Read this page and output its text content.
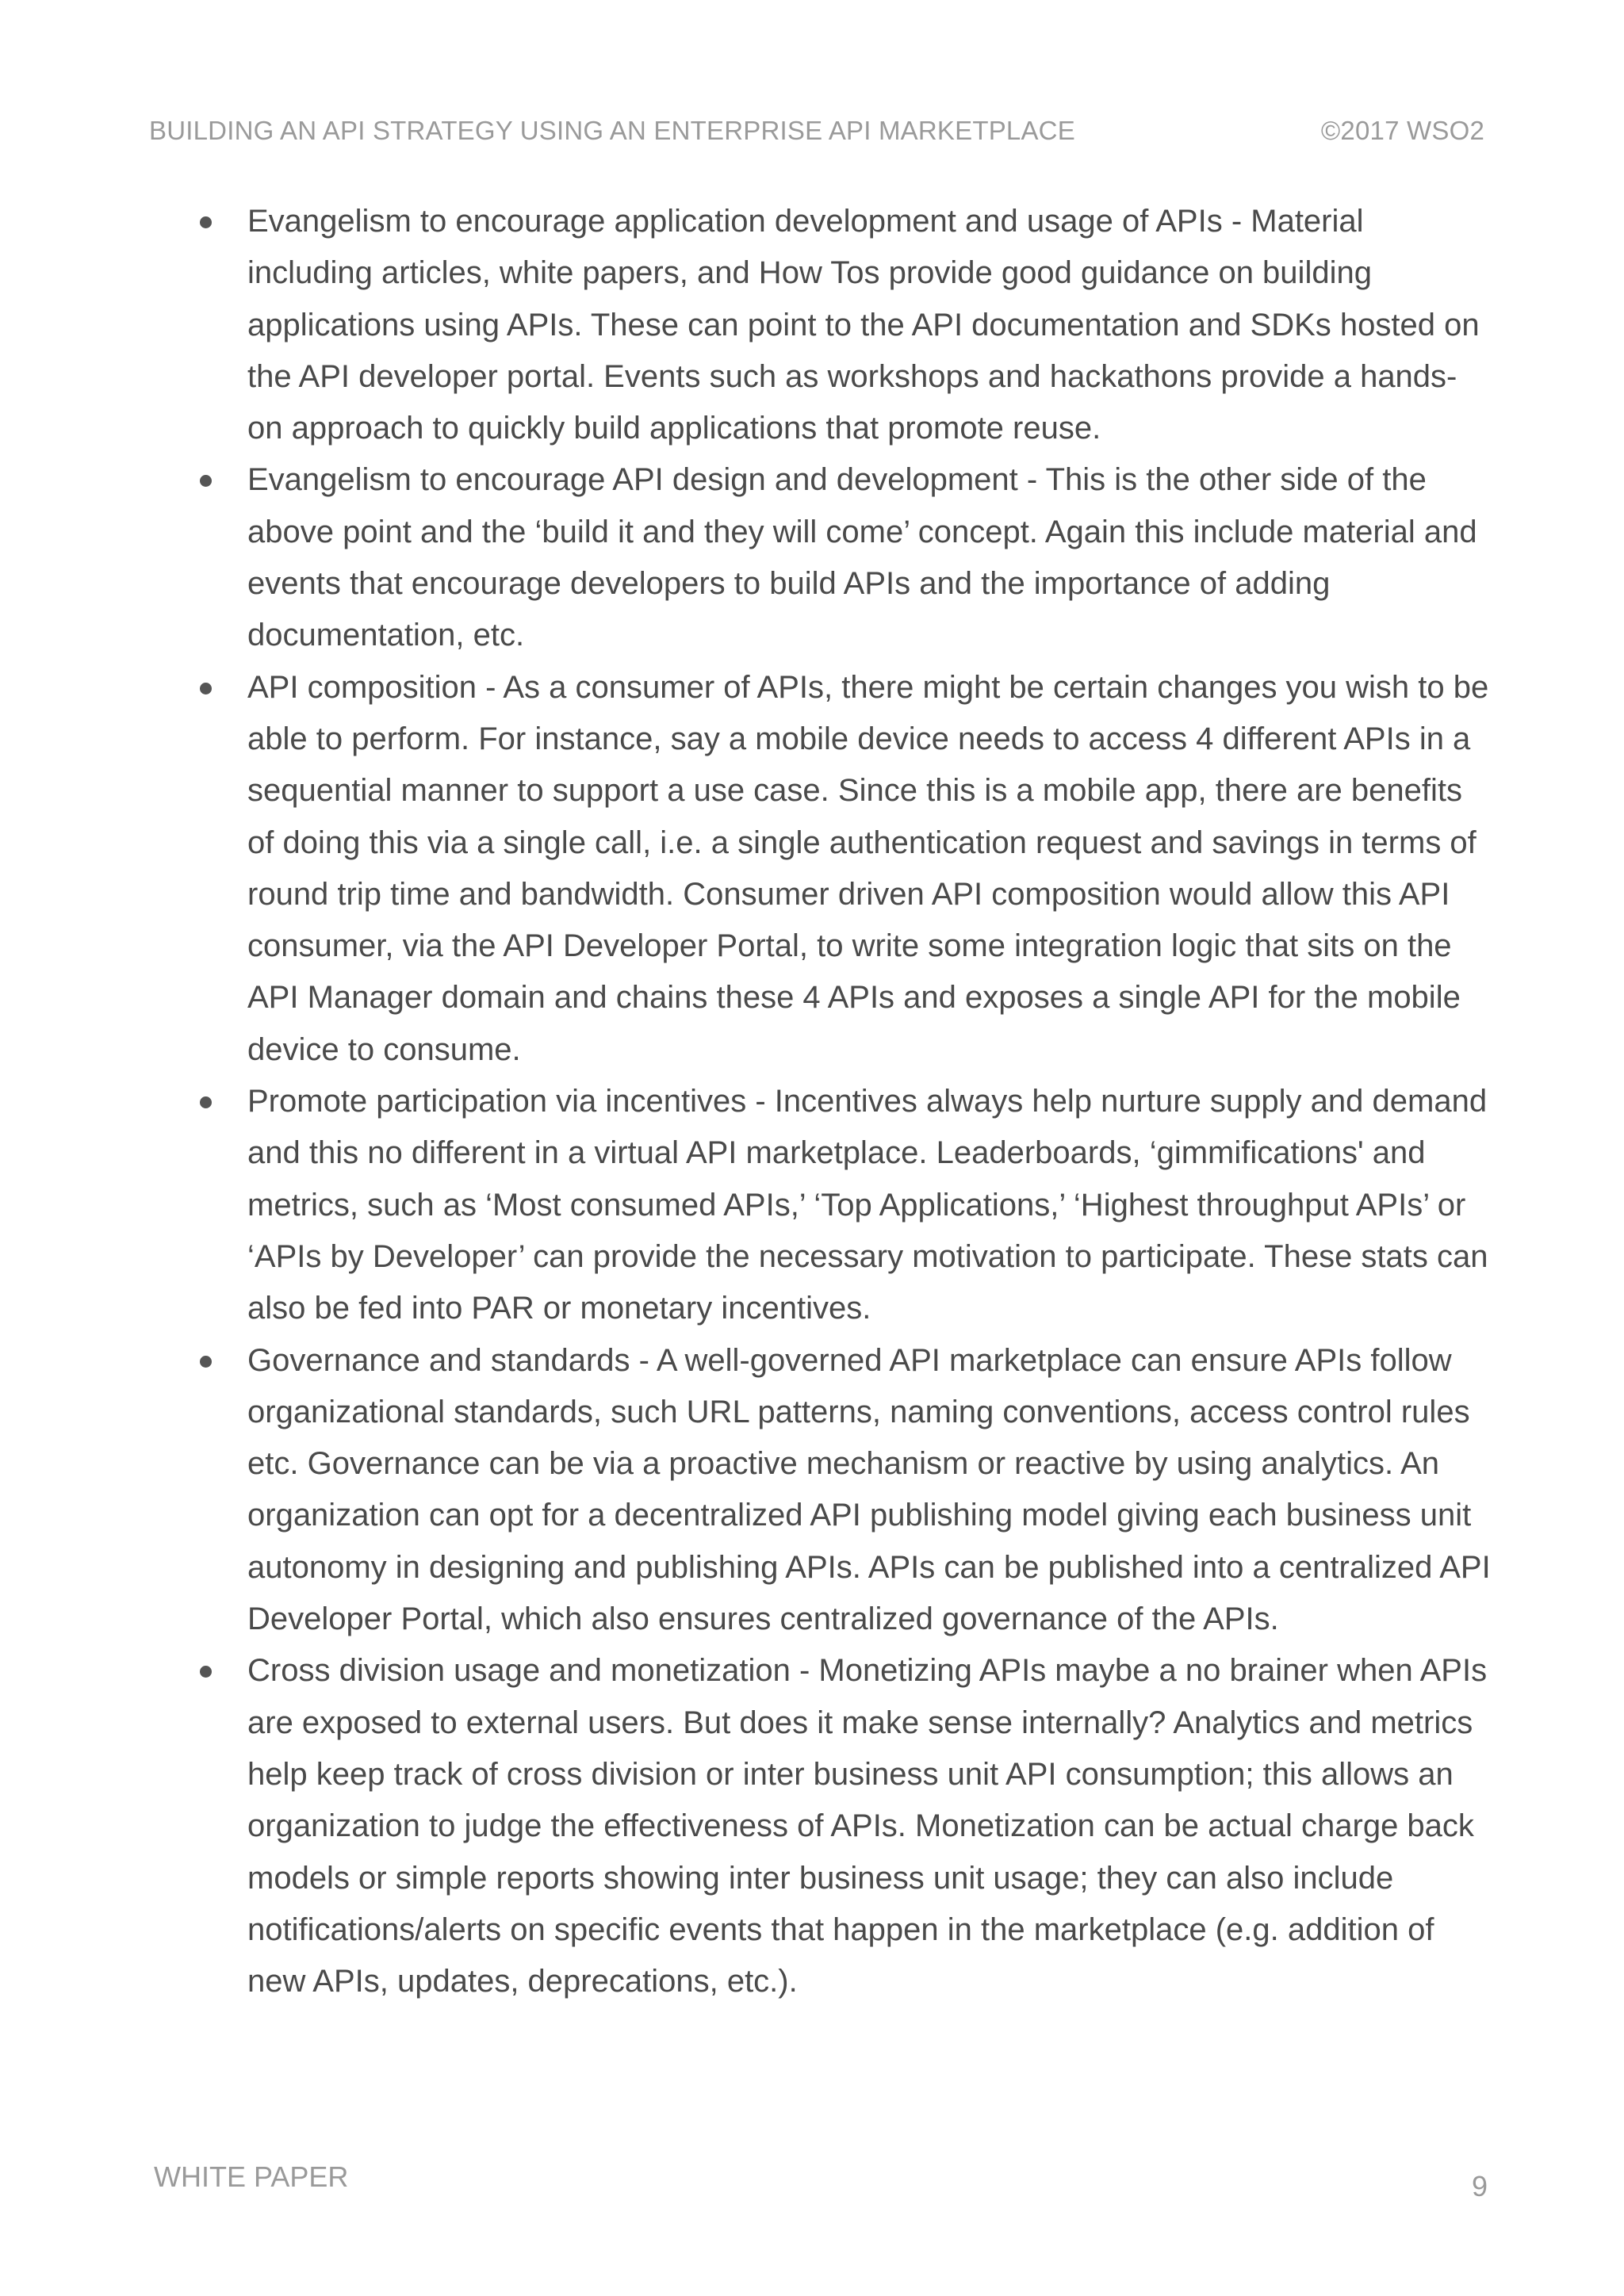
BUILDING AN API STRATEGY USING AN ENTERPRISE API MARKETPLACE	©2017 WSO2
Evangelism to encourage application development and usage of APIs - Material including articles, white papers, and How Tos provide good guidance on building applications using APIs. These can point to the API documentation and SDKs hosted on the API developer portal. Events such as workshops and hackathons provide a hands-on approach to quickly build applications that promote reuse.
Evangelism to encourage API design and development - This is the other side of the above point and the ‘build it and they will come’ concept. Again this include material and events that encourage developers to build APIs and the importance of adding documentation, etc.
API composition - As a consumer of APIs, there might be certain changes you wish to be able to perform. For instance, say a mobile device needs to access 4 different APIs in a sequential manner to support a use case. Since this is a mobile app, there are benefits of doing this via a single call, i.e. a single authentication request and savings in terms of round trip time and bandwidth. Consumer driven API composition would allow this API consumer, via the API Developer Portal, to write some integration logic that sits on the API Manager domain and chains these 4 APIs and exposes a single API for the mobile device to consume.
Promote participation via incentives - Incentives always help nurture supply and demand and this no different in a virtual API marketplace. Leaderboards, ‘gimmifications' and metrics, such as ‘Most consumed APIs,’ ‘Top Applications,’ ‘Highest throughput APIs’ or ‘APIs by Developer’ can provide the necessary motivation to participate. These stats can also be fed into PAR or monetary incentives.
Governance and standards - A well-governed API marketplace can ensure APIs follow organizational standards, such URL patterns, naming conventions, access control rules etc. Governance can be via a proactive mechanism or reactive by using analytics. An organization can opt for a decentralized API publishing model giving each business unit autonomy in designing and publishing APIs. APIs can be published into a centralized API Developer Portal, which also ensures centralized governance of the APIs.
Cross division usage and monetization - Monetizing APIs maybe a no brainer when APIs are exposed to external users. But does it make sense internally? Analytics and metrics help keep track of cross division or inter business unit API consumption; this allows an organization to judge the effectiveness of APIs. Monetization can be actual charge back models or simple reports showing inter business unit usage; they can also include notifications/alerts on specific events that happen in the marketplace (e.g. addition of new APIs, updates, deprecations, etc.).
WHITE PAPER	9
